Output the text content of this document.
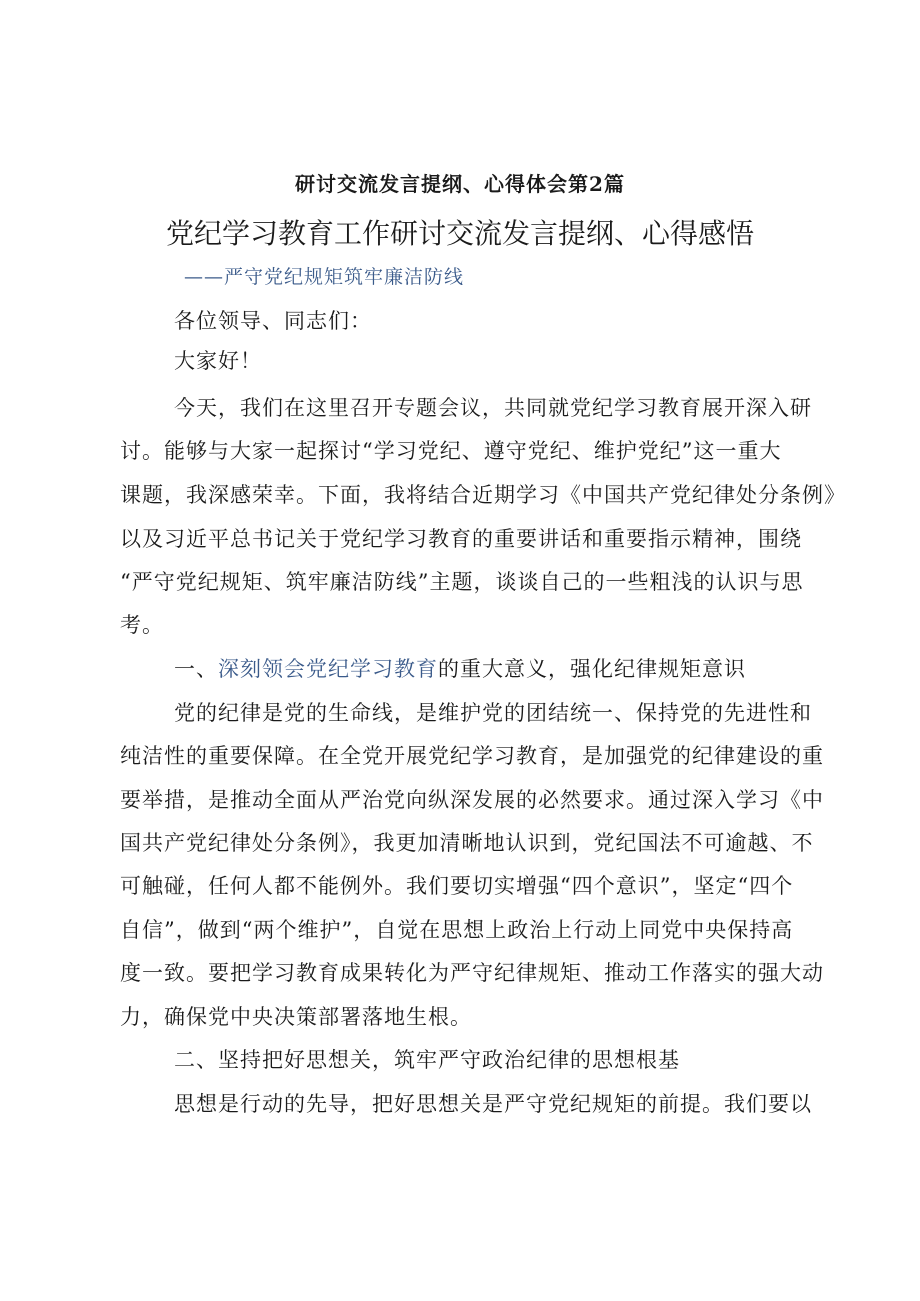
研讨交流发言提纲、心得体会第2篇
党纪学习教育工作研讨交流发言提纲、心得感悟
——严守党纪规矩筑牢廉洁防线
各位领导、同志们：
大家好！
今天，我们在这里召开专题会议，共同就党纪学习教育展开深入研
讨。能够与大家一起探讨“学习党纪、遵守党纪、维护党纪”这一重大
课题，我深感荣幸。下面，我将结合近期学习《中国共产党纪律处分条例》
以及习近平总书记关于党纪学习教育的重要讲话和重要指示精神，围绕
“严守党纪规矩、筑牢廉洁防线”主题，谈谈自己的一些粗浅的认识与思
考。
一、深刻领会党纪学习教育的重大意义，强化纪律规矩意识
党的纪律是党的生命线，是维护党的团结统一、保持党的先进性和
纯洁性的重要保障。在全党开展党纪学习教育，是加强党的纪律建设的重
要举措，是推动全面从严治党向纵深发展的必然要求。通过深入学习《中
国共产党纪律处分条例》，我更加清晰地认识到，党纪国法不可逾越、不
可触碰，任何人都不能例外。我们要切实增强“四个意识”，坚定“四个
自信”，做到“两个维护”，自觉在思想上政治上行动上同党中央保持高
度一致。要把学习教育成果转化为严守纪律规矩、推动工作落实的强大动
力，确保党中央决策部署落地生根。
二、坚持把好思想关，筑牢严守政治纪律的思想根基
思想是行动的先导，把好思想关是严守党纪规矩的前提。我们要以
